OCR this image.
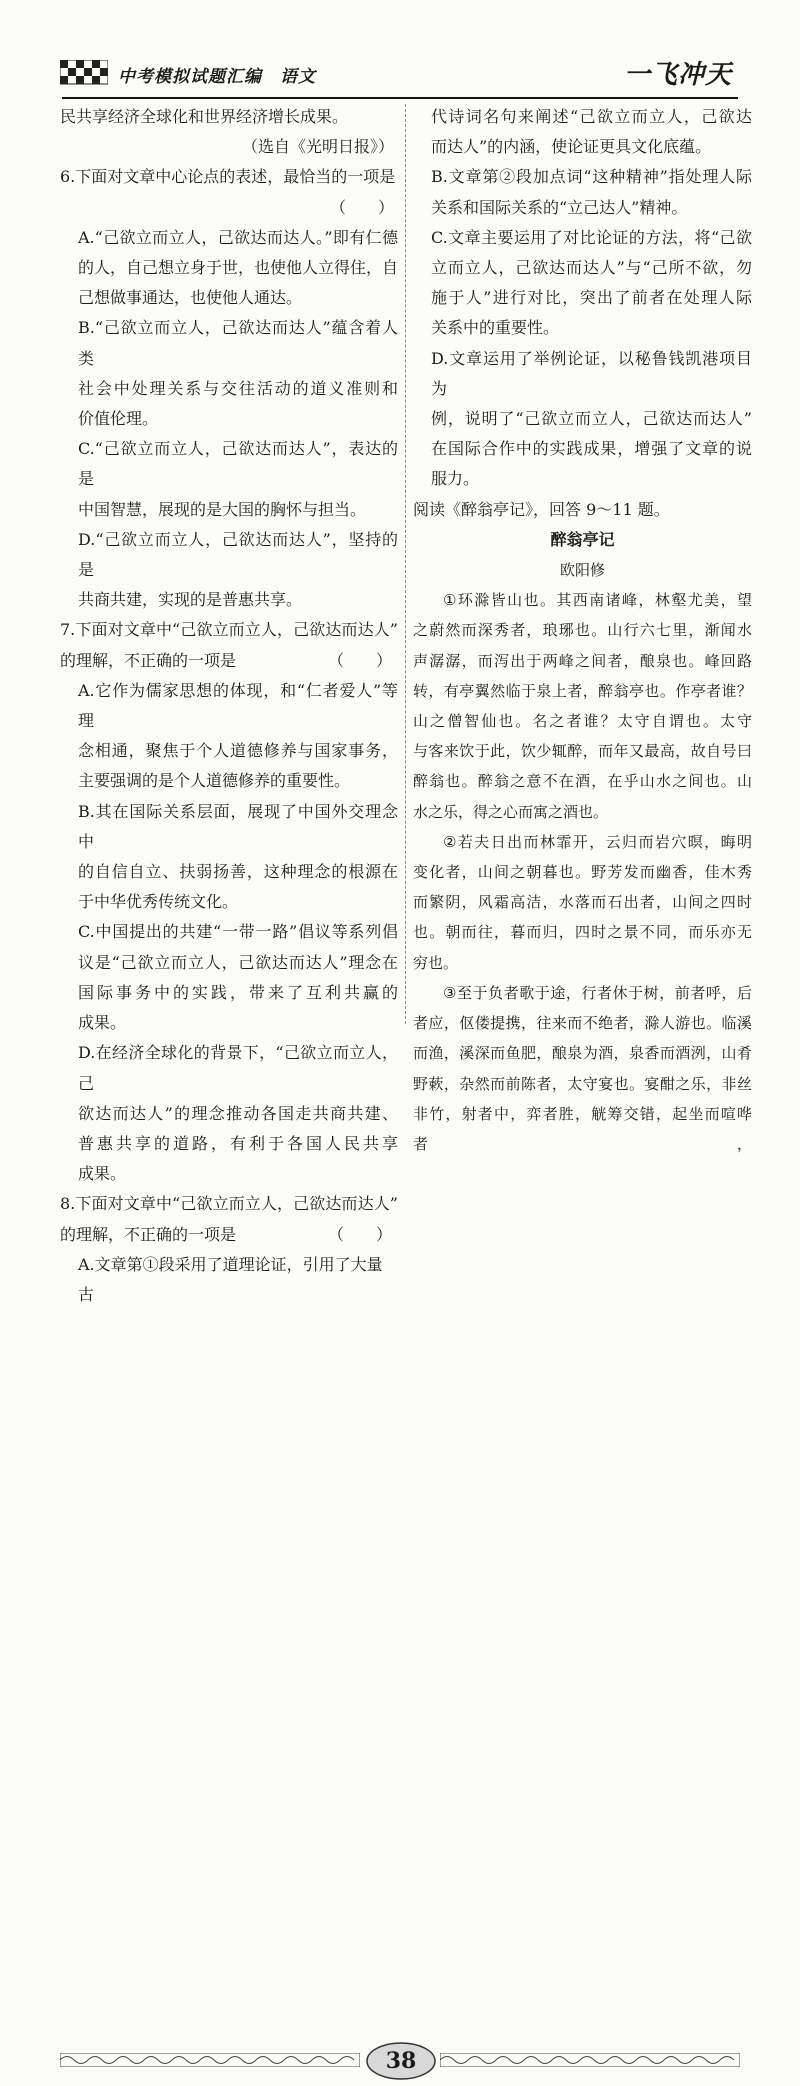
中考模拟试题汇编　语文	一飞冲天

民共享经济全球化和世界经济增长成果。

（选自《光明日报》）

6.下面对文章中心论点的表述，最恰当的一项是

（　　）

A.“己欲立而立人，己欲达而达人。”即有仁德

的人，自己想立身于世，也使他人立得住，自

己想做事通达，也使他人通达。

B.“己欲立而立人，己欲达而达人”蕴含着人类

社会中处理关系与交往活动的道义准则和

价值伦理。

C.“己欲立而立人，己欲达而达人”，表达的是

中国智慧，展现的是大国的胸怀与担当。

D.“己欲立而立人，己欲达而达人”，坚持的是

共商共建，实现的是普惠共享。

7.下面对文章中“己欲立而立人，己欲达而达人”

的理解，不正确的一项是	（　　）

A.它作为儒家思想的体现，和“仁者爱人”等理

念相通，聚焦于个人道德修养与国家事务，

主要强调的是个人道德修养的重要性。

B.其在国际关系层面，展现了中国外交理念中

的自信自立、扶弱扬善，这种理念的根源在

于中华优秀传统文化。

C.中国提出的共建“一带一路”倡议等系列倡

议是“己欲立而立人，己欲达而达人”理念在

国际事务中的实践，带来了互利共赢的

成果。

D.在经济全球化的背景下，“己欲立而立人，己

欲达而达人”的理念推动各国走共商共建、

普惠共享的道路，有利于各国人民共享

成果。

8.下面对文章中“己欲立而立人，己欲达而达人”

的理解，不正确的一项是	（　　）

A.文章第①段采用了道理论证，引用了大量古

代诗词名句来阐述“己欲立而立人，己欲达

而达人”的内涵，使论证更具文化底蕴。

B.文章第②段加点词“这种精神”指处理人际

关系和国际关系的“立己达人”精神。

C.文章主要运用了对比论证的方法，将“己欲

立而立人，己欲达而达人”与“己所不欲，勿

施于人”进行对比，突出了前者在处理人际

关系中的重要性。

D.文章运用了举例论证，以秘鲁钱凯港项目为

例，说明了“己欲立而立人，己欲达而达人”

在国际合作中的实践成果，增强了文章的说

服力。

阅读《醉翁亭记》，回答 9～11 题。

醉翁亭记

欧阳修

①环滁皆山也。其西南诸峰，林壑尤美，望

之蔚然而深秀者，琅琊也。山行六七里，渐闻水

声潺潺，而泻出于两峰之间者，酿泉也。峰回路

转，有亭翼然临于泉上者，醉翁亭也。作亭者谁？

山之僧智仙也。名之者谁？太守自谓也。太守

与客来饮于此，饮少辄醉，而年又最高，故自号曰

醉翁也。醉翁之意不在酒，在乎山水之间也。山

水之乐，得之心而寓之酒也。

②若夫日出而林霏开，云归而岩穴暝，晦明

变化者，山间之朝暮也。野芳发而幽香，佳木秀

而繁阴，风霜高洁，水落而石出者，山间之四时

也。朝而往，暮而归，四时之景不同，而乐亦无

穷也。

③至于负者歌于途，行者休于树，前者呼，后

者应，伛偻提携，往来而不绝者，滁人游也。临溪

而渔，溪深而鱼肥，酿泉为酒，泉香而酒洌，山肴

野蔌，杂然而前陈者，太守宴也。宴酣之乐，非丝

非竹，射者中，弈者胜，觥筹交错，起坐而喧哗者，

38
